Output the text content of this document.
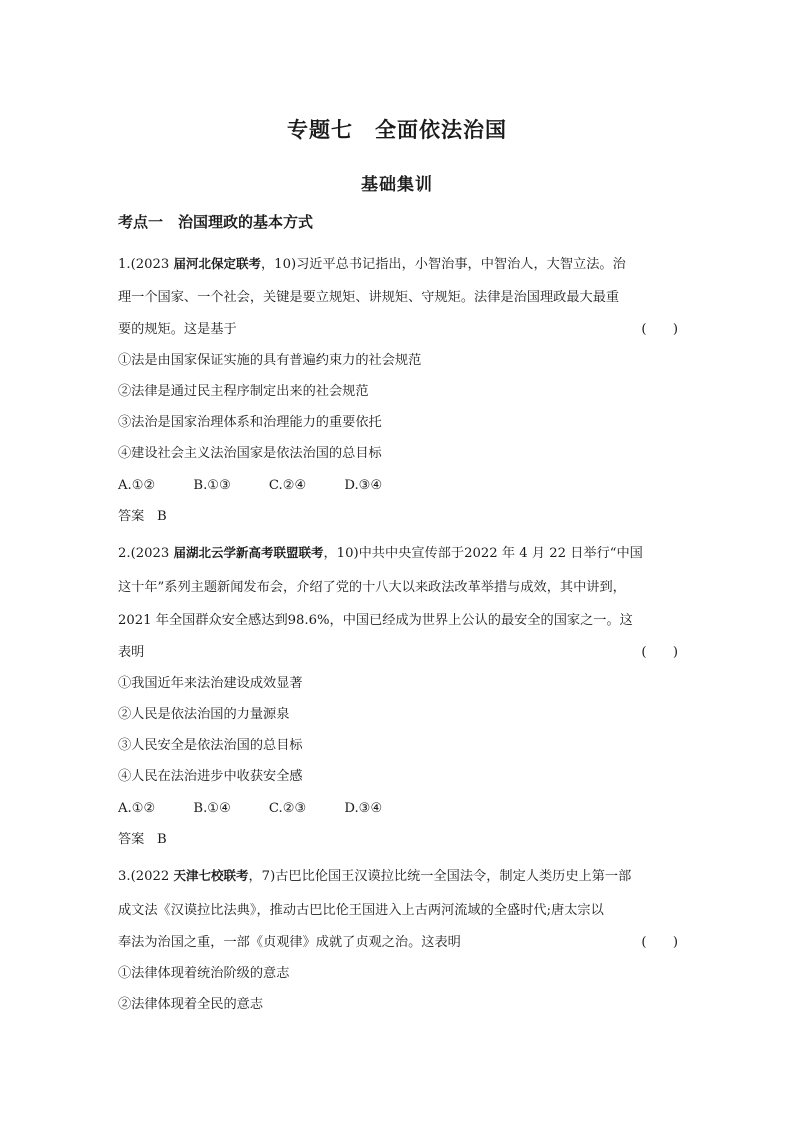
专题七　全面依法治国
基础集训
考点一　治国理政的基本方式
1.(2023 届河北保定联考，10)习近平总书记指出，小智治事，中智治人，大智立法。治
理一个国家、一个社会，关键是要立规矩、讲规矩、守规矩。法律是治国理政最大最重
要的规矩。这是基于	(　　)
①法是由国家保证实施的具有普遍约束力的社会规范
②法律是通过民主程序制定出来的社会规范
③法治是国家治理体系和治理能力的重要依托
④建设社会主义法治国家是依法治国的总目标
A.①②	B.①③	C.②④	D.③④
答案 B
2.(2023 届湖北云学新高考联盟联考，10)中共中央宣传部于2022 年 4 月 22 日举行“中国
这十年”系列主题新闻发布会，介绍了党的十八大以来政法改革举措与成效，其中讲到，
2021 年全国群众安全感达到98.6%，中国已经成为世界上公认的最安全的国家之一。这
表明	(　　)
①我国近年来法治建设成效显著
②人民是依法治国的力量源泉
③人民安全是依法治国的总目标
④人民在法治进步中收获安全感
A.①②	B.①④	C.②③	D.③④
答案 B
3.(2022 天津七校联考，7)古巴比伦国王汉谟拉比统一全国法令，制定人类历史上第一部
成文法《汉谟拉比法典》，推动古巴比伦王国进入上古两河流域的全盛时代;唐太宗以
奉法为治国之重，一部《贞观律》成就了贞观之治。这表明	(　　)
①法律体现着统治阶级的意志
②法律体现着全民的意志
